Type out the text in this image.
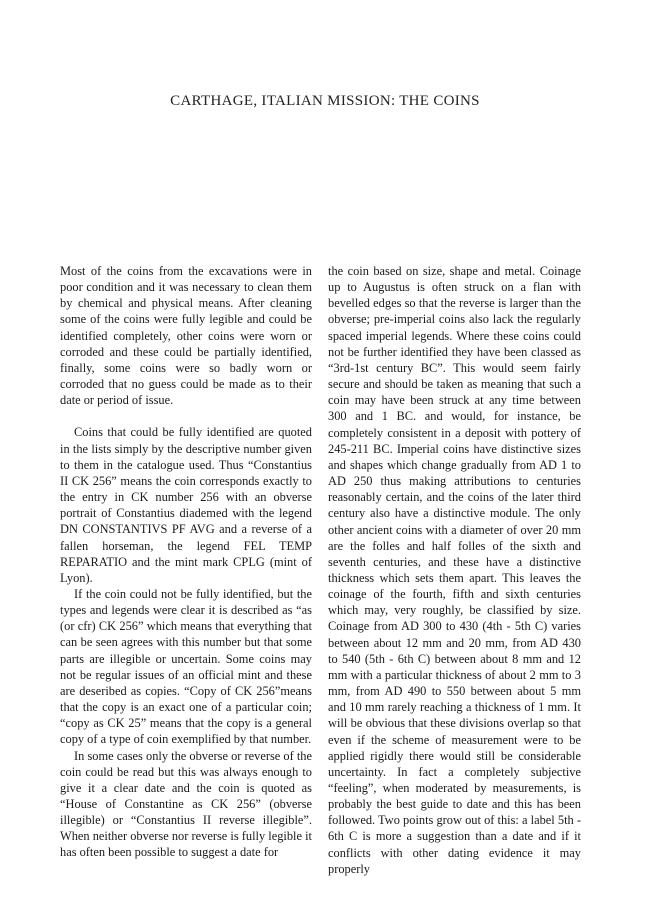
CARTHAGE, ITALIAN MISSION: THE COINS

Most of the coins from the excavations were in poor condition and it was necessary to clean them by chemical and physical means. After cleaning some of the coins were fully legible and could be identified completely, other coins were worn or corroded and these could be partially identified, finally, some coins were so badly worn or corroded that no guess could be made as to their date or period of issue.

Coins that could be fully identified are quoted in the lists simply by the descriptive number given to them in the catalogue used. Thus “Constantius II CK 256” means the coin corresponds exactly to the entry in CK number 256 with an obverse portrait of Constantius diademed with the legend DN CONSTANTIVS PF AVG and a reverse of a fallen horseman, the legend FEL TEMP REPARATIO and the mint mark CPLG (mint of Lyon).

If the coin could not be fully identified, but the types and legends were clear it is described as “as (or cfr) CK 256” which means that everything that can be seen agrees with this number but that some parts are illegible or uncertain. Some coins may not be regular issues of an official mint and these are deseribed as copies. “Copy of CK 256”means that the copy is an exact one of a particular coin; “copy as CK 25” means that the copy is a general copy of a type of coin exemplified by that number.

In some cases only the obverse or reverse of the coin could be read but this was always enough to give it a clear date and the coin is quoted as “House of Constantine as CK 256” (obverse illegible) or “Constantius II reverse illegible”. When neither obverse nor reverse is fully legible it has often been possible to suggest a date for

the coin based on size, shape and metal. Coinage up to Augustus is often struck on a flan with bevelled edges so that the reverse is larger than the obverse; pre-imperial coins also lack the regularly spaced imperial legends. Where these coins could not be further identified they have been classed as “3rd-1st century BC”. This would seem fairly secure and should be taken as meaning that such a coin may have been struck at any time between 300 and 1 BC. and would, for instance, be completely consistent in a deposit with pottery of 245-211 BC. Imperial coins have distinctive sizes and shapes which change gradually from AD 1 to AD 250 thus making attributions to centuries reasonably certain, and the coins of the later third century also have a distinctive module. The only other ancient coins with a diameter of over 20 mm are the folles and half folles of the sixth and seventh centuries, and these have a distinctive thickness which sets them apart. This leaves the coinage of the fourth, fifth and sixth centuries which may, very roughly, be classified by size. Coinage from AD 300 to 430 (4th - 5th C) varies between about 12 mm and 20 mm, from AD 430 to 540 (5th - 6th C) between about 8 mm and 12 mm with a particular thickness of about 2 mm to 3 mm, from AD 490 to 550 between about 5 mm and 10 mm rarely reaching a thickness of 1 mm. It will be obvious that these divisions overlap so that even if the scheme of measurement were to be applied rigidly there would still be considerable uncertainty. In fact a completely subjective “feeling”, when moderated by measurements, is probably the best guide to date and this has been followed. Two points grow out of this: a label 5th - 6th C is more a suggestion than a date and if it conflicts with other dating evidence it may properly
